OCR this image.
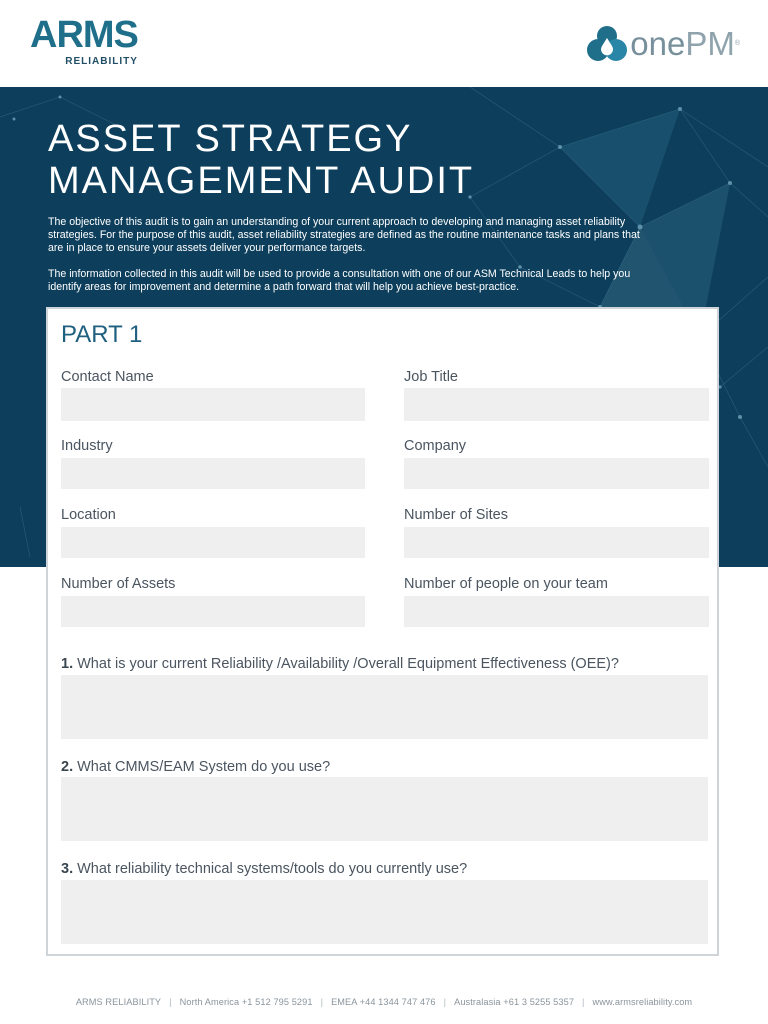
ARMS
RELIABILITY	onePM®
ASSET STRATEGY
MANAGEMENT AUDIT

The objective of this audit is to gain an understanding of your current approach to developing and managing asset reliability strategies. For the purpose of this audit, asset reliability strategies are defined as the routine maintenance tasks and plans that are in place to ensure your assets deliver your performance targets.

The information collected in this audit will be used to provide a consultation with one of our ASM Technical Leads to help you identify areas for improvement and determine a path forward that will help you achieve best-practice.

PART 1
Contact Name	Job Title
Industry	Company
Location	Number of Sites
Number of Assets	Number of people on your team
1. What is your current Reliability /Availability /Overall Equipment Effectiveness (OEE)?
2. What CMMS/EAM System do you use?
3. What reliability technical systems/tools do you currently use?
ARMS RELIABILITY | North America +1 512 795 5291 | EMEA +44 1344 747 476 | Australasia +61 3 5255 5357 | www.armsreliability.com
